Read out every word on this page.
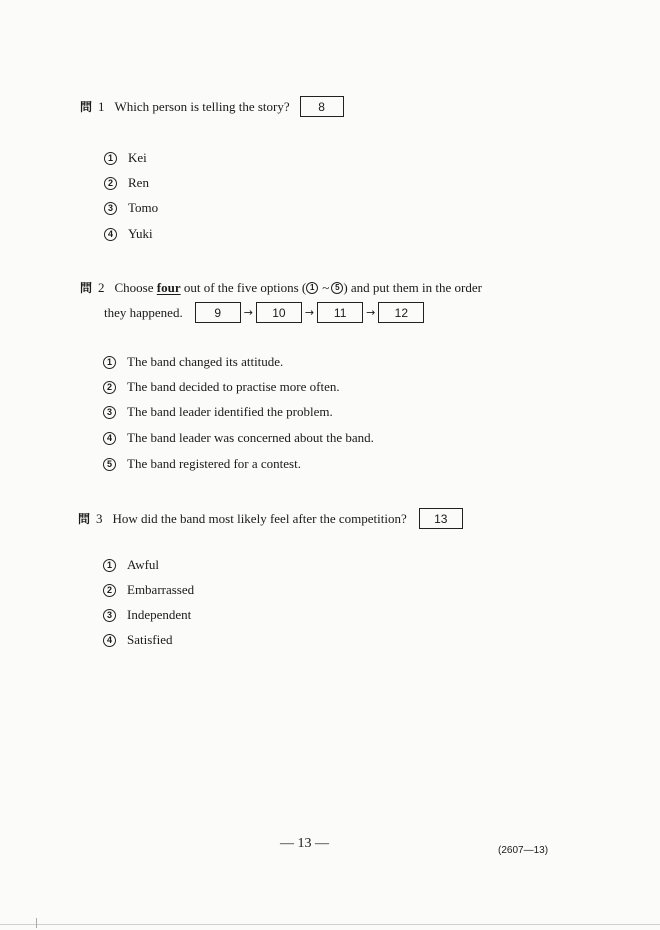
問 1 Which person is telling the story?	8
1	Kei
2	Ren
3	Tomo
4	Yuki
問 2 Choose
four
out of the five options ( 1 ~ 5 ) and put them in the order
they happened.	9	→	10	→	11	→	12
1	The band changed its attitude.
2	The band decided to practise more often.
3	The band leader identified the problem.
4	The band leader was concerned about the band.
5	The band registered for a contest.
問 3 How did the band most likely feel after the competition?	13
1	Awful
2	Embarrassed
3	Independent
4	Satisfied
— 13 —	(2607—13)
